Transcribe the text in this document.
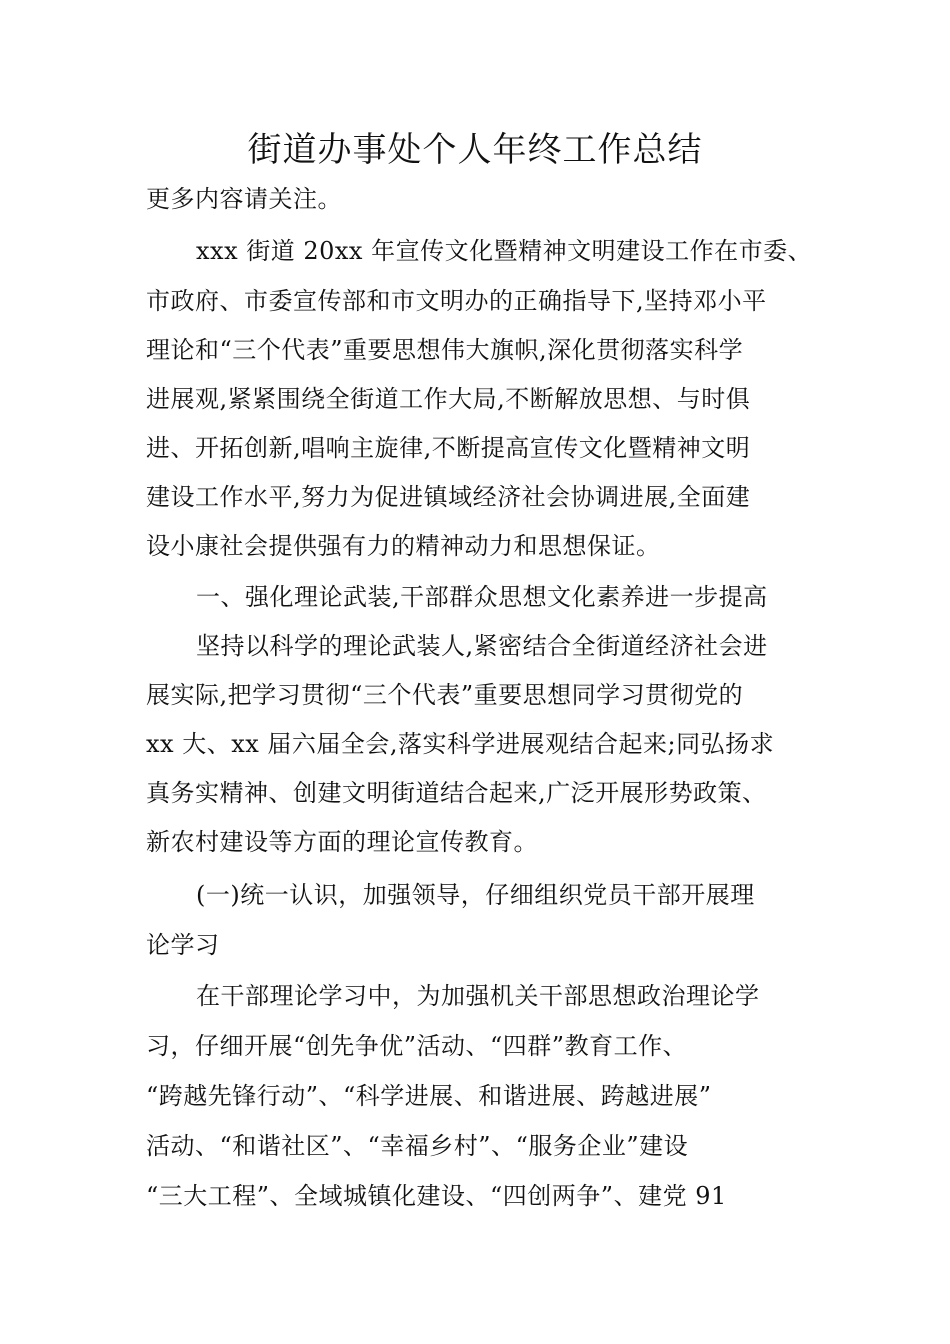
街道办事处个人年终工作总结
更多内容请关注。
xxx 街道 20xx 年宣传文化暨精神文明建设工作在市委、
市政府、市委宣传部和市文明办的正确指导下,坚持邓小平
理论和“三个代表”重要思想伟大旗帜,深化贯彻落实科学
进展观,紧紧围绕全街道工作大局,不断解放思想、与时俱
进、开拓创新,唱响主旋律,不断提高宣传文化暨精神文明
建设工作水平,努力为促进镇域经济社会协调进展,全面建
设小康社会提供强有力的精神动力和思想保证。
一、强化理论武装,干部群众思想文化素养进一步提高
坚持以科学的理论武装人,紧密结合全街道经济社会进
展实际,把学习贯彻“三个代表”重要思想同学习贯彻党的
xx 大、xx 届六届全会,落实科学进展观结合起来;同弘扬求
真务实精神、创建文明街道结合起来,广泛开展形势政策、
新农村建设等方面的理论宣传教育。
(一)统一认识，加强领导，仔细组织党员干部开展理
论学习
在干部理论学习中，为加强机关干部思想政治理论学
习，仔细开展“创先争优”活动、“四群”教育工作、
“跨越先锋行动”、“科学进展、和谐进展、跨越进展”
活动、“和谐社区”、“幸福乡村”、“服务企业”建设
“三大工程”、全域城镇化建设、“四创两争”、建党 91
